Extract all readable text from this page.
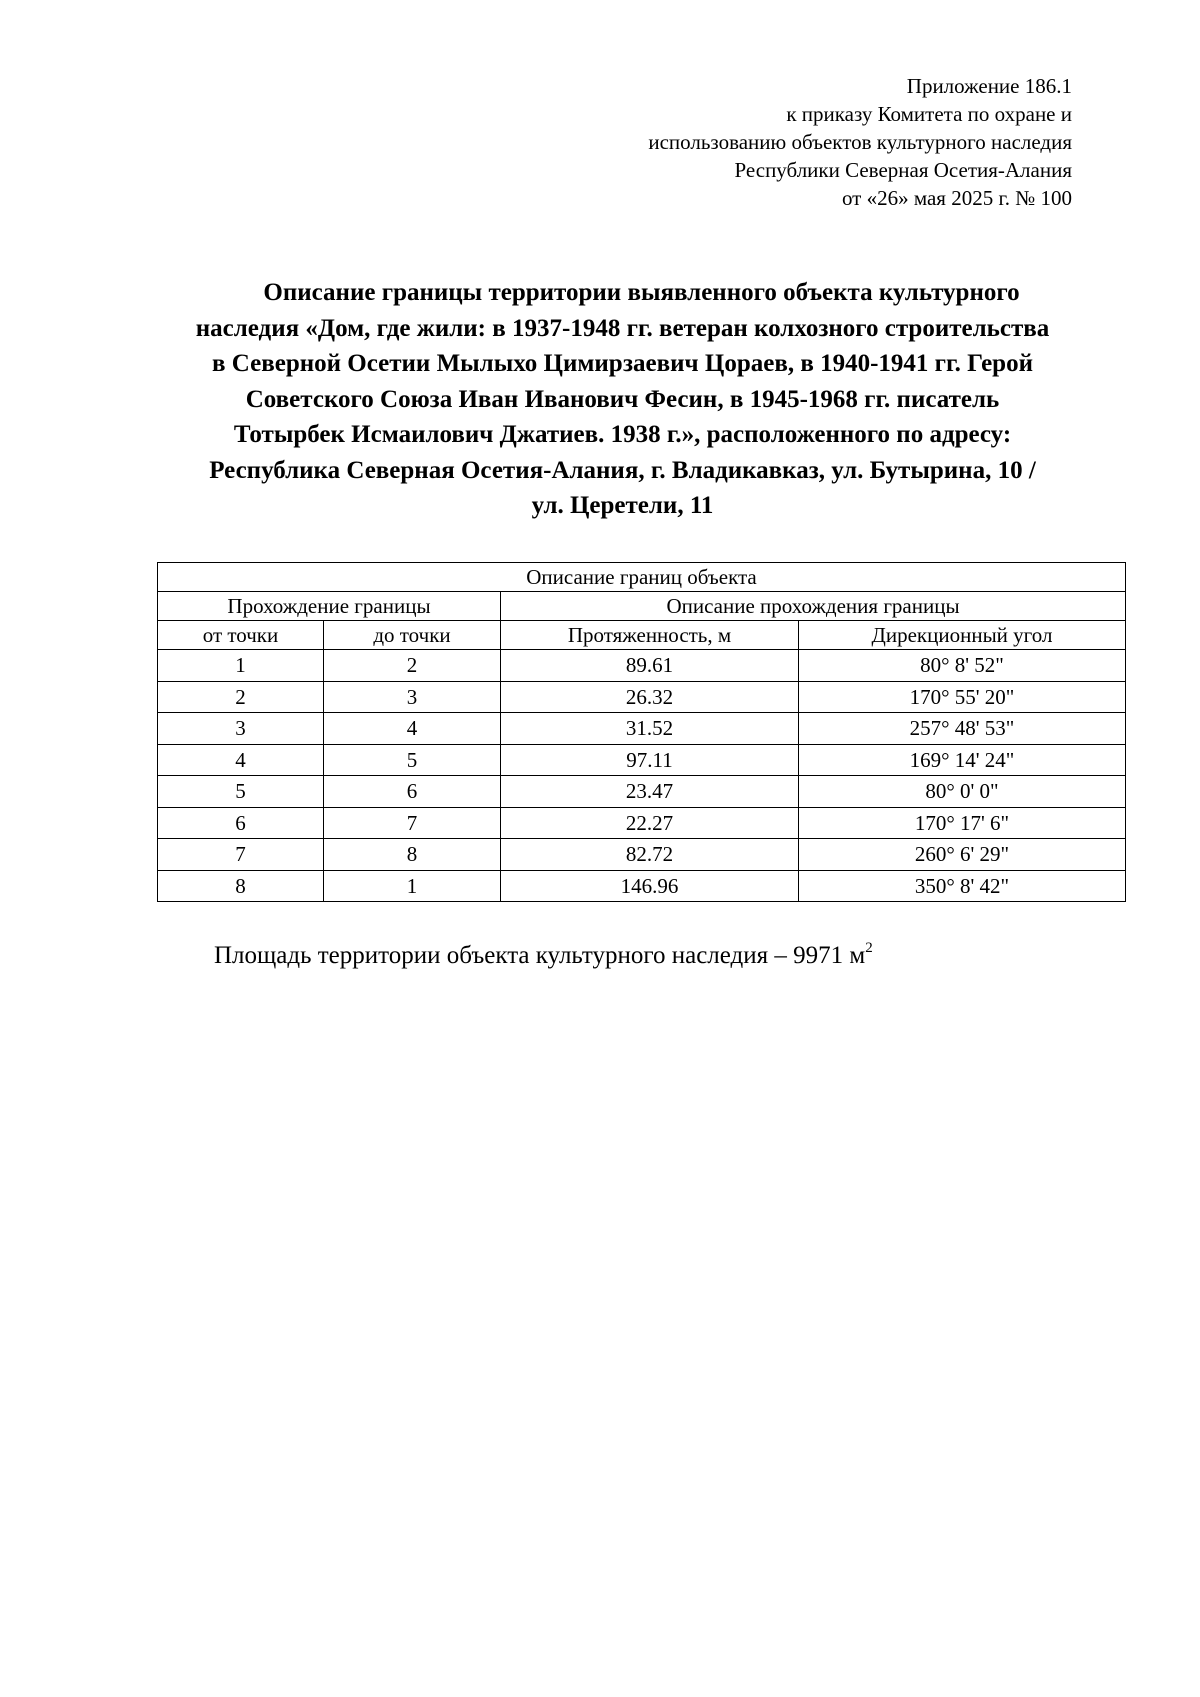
Приложение 186.1
к приказу Комитета по охране и
использованию объектов культурного наследия
Республики Северная Осетия-Алания
от «26» мая 2025 г. № 100
Описание границы территории выявленного объекта культурного
наследия «Дом, где жили: в 1937-1948 гг. ветеран колхозного строительства
в Северной Осетии Мылыхо Цимирзаевич Цораев, в 1940-1941 гг. Герой
Советского Союза Иван Иванович Фесин, в 1945-1968 гг. писатель
Тотырбек Исмаилович Джатиев. 1938 г.», расположенного по адресу:
Республика Северная Осетия-Алания, г. Владикавказ, ул. Бутырина, 10 /
ул. Церетели, 11
Описание границ объекта			
Прохождение границы		Описание прохождения границы	
от точки	до точки	Протяженность, м	Дирекционный угол
1	2	89.61	80° 8' 52"
2	3	26.32	170° 55' 20"
3	4	31.52	257° 48' 53"
4	5	97.11	169° 14' 24"
5	6	23.47	80° 0' 0"
6	7	22.27	170° 17' 6"
7	8	82.72	260° 6' 29"
8	1	146.96	350° 8' 42"
Площадь территории объекта культурного наследия – 9971 $м^2$
